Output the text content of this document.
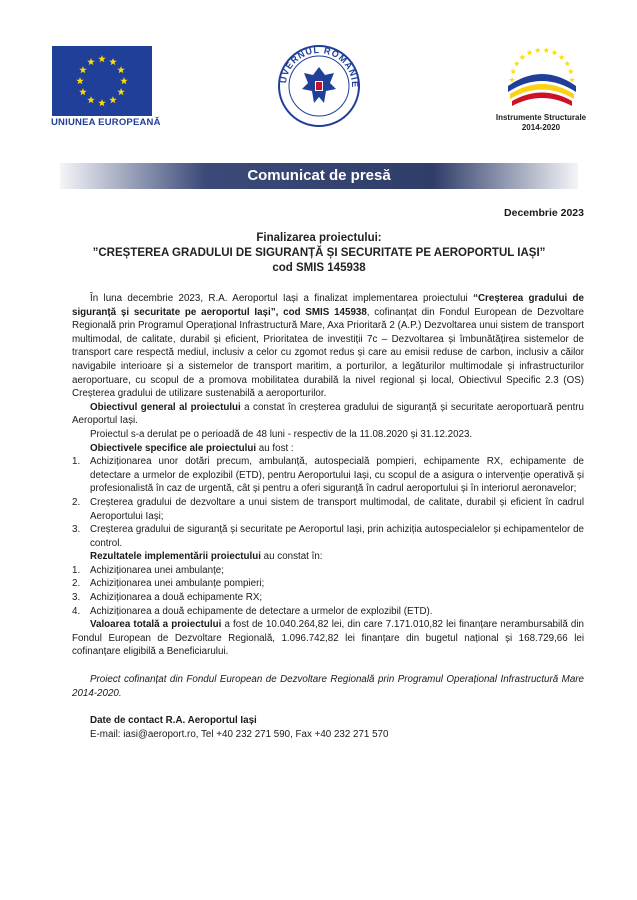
UNIUNEA EUROPEANĂ
UVERNUL ROMÂNIE
Instrumente Structurale
2014-2020
Comunicat de presă
Decembrie 2023
Finalizarea proiectului:
”CREȘTEREA GRADULUI DE SIGURANȚĂ ȘI SECURITATE PE AEROPORTUL IAȘI”
cod SMIS 145938

În luna decembrie 2023, R.A. Aeroportul Iași a finalizat implementarea proiectului “Creșterea gradului de siguranță și securitate pe aeroportul Iași”, cod SMIS 145938, cofinanțat din Fondul European de Dezvoltare Regională prin Programul Operațional Infrastructură Mare, Axa Prioritară 2 (A.P.) Dezvoltarea unui sistem de transport multimodal, de calitate, durabil și eficient, Prioritatea de investiții 7c – Dezvoltarea și îmbunătățirea sistemelor de transport care respectă mediul, inclusiv a celor cu zgomot redus și care au emisii reduse de carbon, inclusiv a căilor navigabile interioare și a sistemelor de transport maritim, a porturilor, a legăturilor multimodale și infrastructurilor aeroportuare, cu scopul de a promova mobilitatea durabilă la nivel regional și local, Obiectivul Specific 2.3 (OS) Creșterea gradului de utilizare sustenabilă a aeroporturilor.

Obiectivul general al proiectului a constat în creșterea gradului de siguranță și securitate aeroportuară pentru Aeroportul Iași.

Proiectul s-a derulat pe o perioadă de 48 luni - respectiv de la 11.08.2020 și 31.12.2023.

Obiectivele specifice ale proiectului au fost :

1. Achiziționarea unor dotări precum, ambulanță, autospecială pompieri, echipamente RX, echipamente de detectare a urmelor de explozibil (ETD), pentru Aeroportului Iași, cu scopul de a asigura o intervenție operativă și profesionalistă în caz de urgentă, cât și pentru a oferi siguranță în cadrul aeroportului și în interiorul aeronavelor;
2. Creșterea gradului de dezvoltare a unui sistem de transport multimodal, de calitate, durabil și eficient în cadrul Aeroportului Iași;
3. Creșterea gradului de siguranță și securitate pe Aeroportul Iași, prin achiziția autospecialelor și echipamentelor de control.

Rezultatele implementării proiectului au constat în:

1. Achiziționarea unei ambulanțe;
2. Achiziționarea unei ambulanțe pompieri;
3. Achiziționarea a două echipamente RX;
4. Achiziționarea a două echipamente de detectare a urmelor de explozibil (ETD).

Valoarea totală a proiectului a fost de 10.040.264,82 lei, din care 7.171.010,82 lei finanțare nerambursabilă din Fondul European de Dezvoltare Regională, 1.096.742,82 lei finanțare din bugetul național și 168.729,66 lei cofinanțare eligibilă a Beneficiarului.

Proiect cofinanțat din Fondul European de Dezvoltare Regională prin Programul Operațional Infrastructură Mare 2014-2020.

Date de contact R.A. Aeroportul Iași

E-mail: iasi@aeroport.ro, Tel +40 232 271 590, Fax +40 232 271 570
